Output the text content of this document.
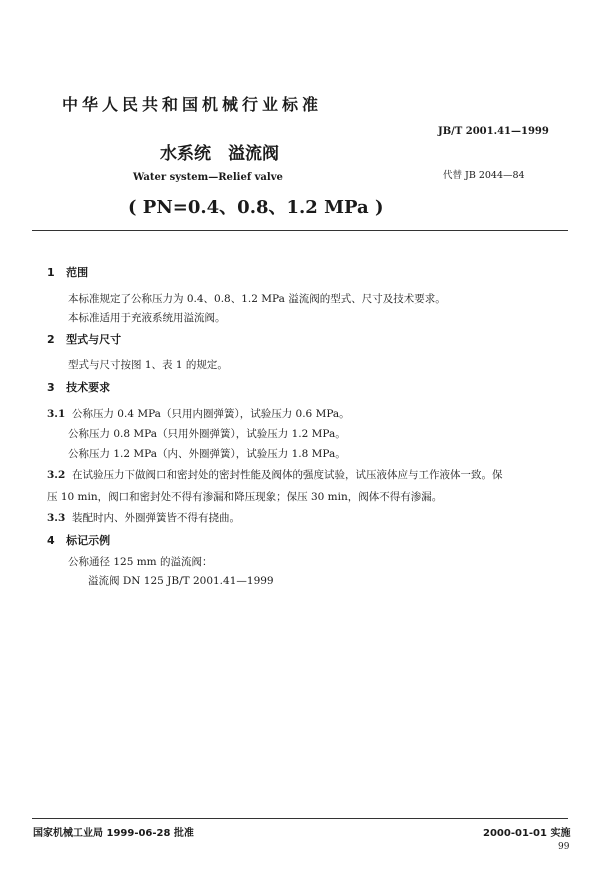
中华人民共和国机械行业标准
水系统　溢流阀
Water system—Relief valve
( PN=0.4、0.8、1.2 MPa )
JB/T 2001.41—1999
代替 JB 2044—84
1 范围
本标准规定了公称压力为 0.4、0.8、1.2 MPa 溢流阀的型式、尺寸及技术要求。
本标准适用于充液系统用溢流阀。
2 型式与尺寸
型式与尺寸按图 1、表 1 的规定。
3 技术要求
3.1 公称压力 0.4 MPa（只用内圈弹簧），试验压力 0.6 MPa。
公称压力 0.8 MPa（只用外圈弹簧），试验压力 1.2 MPa。
公称压力 1.2 MPa（内、外圈弹簧），试验压力 1.8 MPa。
3.2 在试验压力下做阀口和密封处的密封性能及阀体的强度试验，试压液体应与工作液体一致。保
压 10 min，阀口和密封处不得有渗漏和降压现象；保压 30 min，阀体不得有渗漏。
3.3 装配时内、外圈弹簧皆不得有挠曲。
4 标记示例
公称通径 125 mm 的溢流阀：
溢流阀 DN 125 JB/T 2001.41—1999
国家机械工业局 1999-06-28 批准	2000-01-01 实施
99
